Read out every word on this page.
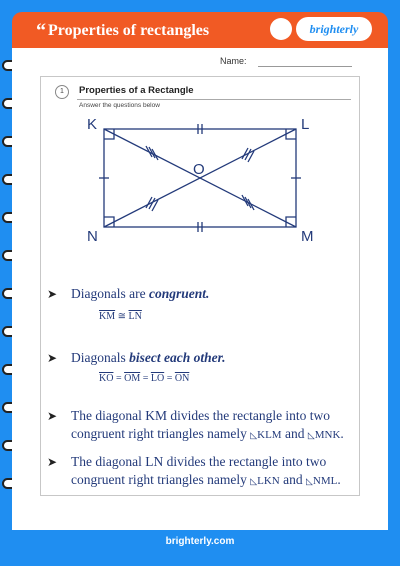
“ Properties of rectangles	brighterly
Name:
1	Properties of a Rectangle
Answer the questions below
K	L
M
N
O
➤ Diagonals are congruent.
$\overline{KM}$ ≅ $\overline{LN}$
➤ Diagonals bisect each other.
$\overline{KO} = \overline{OM} = \overline{LO} = \overline{ON}$
➤ The diagonal KM divides the rectangle into two congruent right triangles namely ◺KLM and ◺MNK.
➤ The diagonal LN divides the rectangle into two congruent right triangles namely ◺LKN and ◺NML.
brighterly.com
